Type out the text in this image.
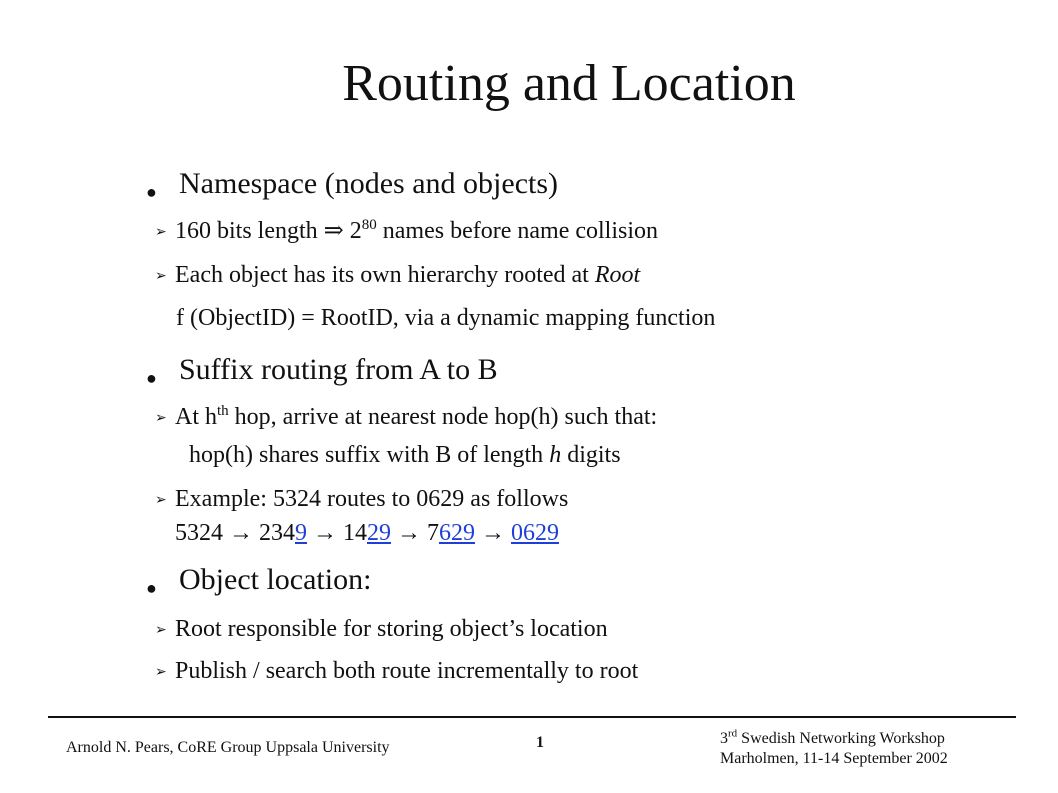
Routing and Location
● Namespace (nodes and objects)
➢ 160 bits length ⇒ $2^{80}$ names before name collision
➢ Each object has its own hierarchy rooted at Root
f (ObjectID) = RootID, via a dynamic mapping function
● Suffix routing from A to B
➢ At $h^{th}$ hop, arrive at nearest node hop(h) such that:
hop(h) shares suffix with B of length h digits
➢ Example: 5324 routes to 0629 as follows
5324 → 2349 → 1429 → 7629 → 0629
● Object location:
➢ Root responsible for storing object’s location
➢ Publish / search both route incrementally to root
Arnold N. Pears, CoRE Group Uppsala University	1	3rd Swedish Networking Workshop
Marholmen, 11-14 September 2002
